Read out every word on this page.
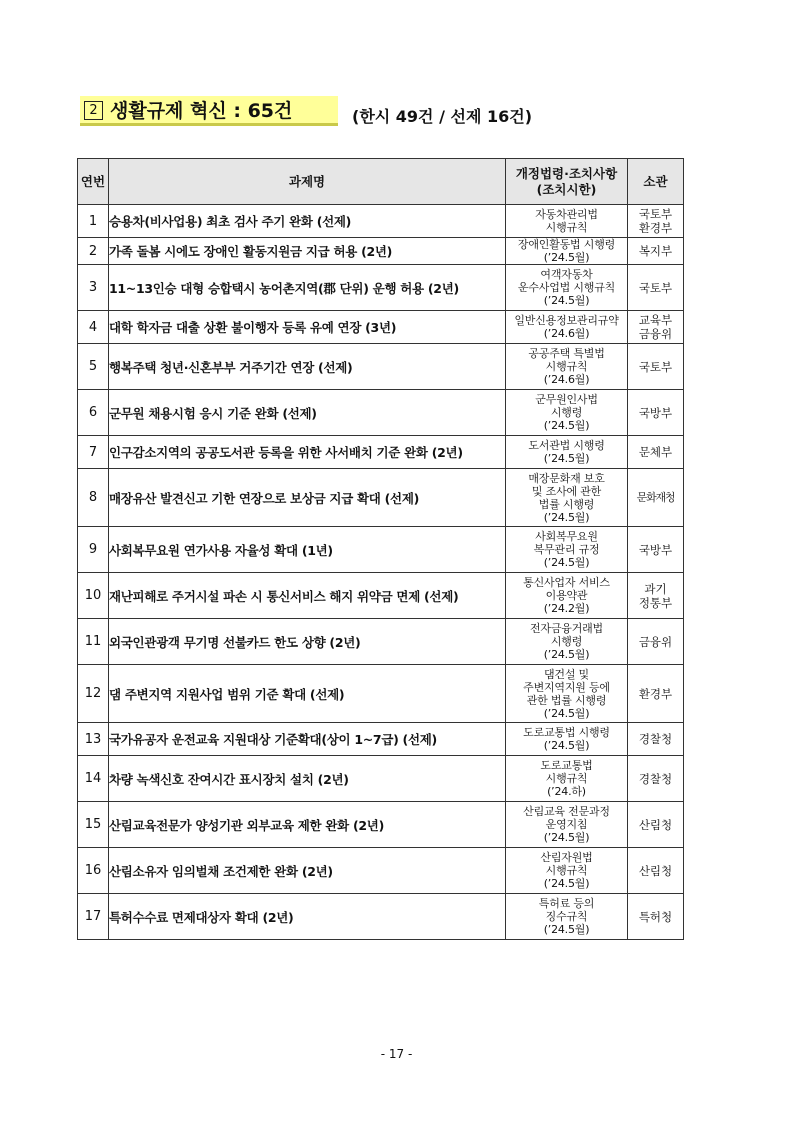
2 생활규제 혁신 : 65건	(한시 49건 / 선제 16건)
연번	과제명	개정법령·조치사항
(조치시한)	소관
1	승용차(비사업용) 최초 검사 주기 완화 (선제)	자동차관리법
시행규칙	국토부
환경부
2	가족 돌봄 시에도 장애인 활동지원금 지급 허용 (2년)	장애인활동법 시행령
(’24.5월)	복지부
3	11~13인승 대형 승합택시 농어촌지역(郡 단위) 운행 허용 (2년)	여객자동차
운수사업법 시행규칙
(’24.5월)	국토부
4	대학 학자금 대출 상환 불이행자 등록 유예 연장 (3년)	일반신용정보관리규약
(’24.6월)	교육부
금융위
5	행복주택 청년·신혼부부 거주기간 연장 (선제)	공공주택 특별법
시행규칙
(’24.6월)	국토부
6	군무원 채용시험 응시 기준 완화 (선제)	군무원인사법
시행령
(’24.5월)	국방부
7	인구감소지역의 공공도서관 등록을 위한 사서배치 기준 완화 (2년)	도서관법 시행령
(’24.5월)	문체부
8	매장유산 발견신고 기한 연장으로 보상금 지급 확대 (선제)	매장문화재 보호
및 조사에 관한
법률 시행령
(’24.5월)	문화재청
9	사회복무요원 연가사용 자율성 확대 (1년)	사회복무요원
복무관리 규정
(’24.5월)	국방부
10	재난피해로 주거시설 파손 시 통신서비스 해지 위약금 면제 (선제)	통신사업자 서비스
이용약관
(’24.2월)	과기
정통부
11	외국인관광객 무기명 선불카드 한도 상향 (2년)	전자금융거래법
시행령
(’24.5월)	금융위
12	댐 주변지역 지원사업 범위 기준 확대 (선제)	댐건설 및
주변지역지원 등에
관한 법률 시행령
(’24.5월)	환경부
13	국가유공자 운전교육 지원대상 기준확대(상이 1~7급) (선제)	도로교통법 시행령
(’24.5월)	경찰청
14	차량 녹색신호 잔여시간 표시장치 설치 (2년)	도로교통법
시행규칙
(’24.하)	경찰청
15	산림교육전문가 양성기관 외부교육 제한 완화 (2년)	산림교육 전문과정
운영지침
(’24.5월)	산림청
16	산림소유자 임의벌채 조건제한 완화 (2년)	산림자원법
시행규칙
(’24.5월)	산림청
17	특허수수료 면제대상자 확대 (2년)	특허료 등의
징수규칙
(’24.5월)	특허청
- 17 -
